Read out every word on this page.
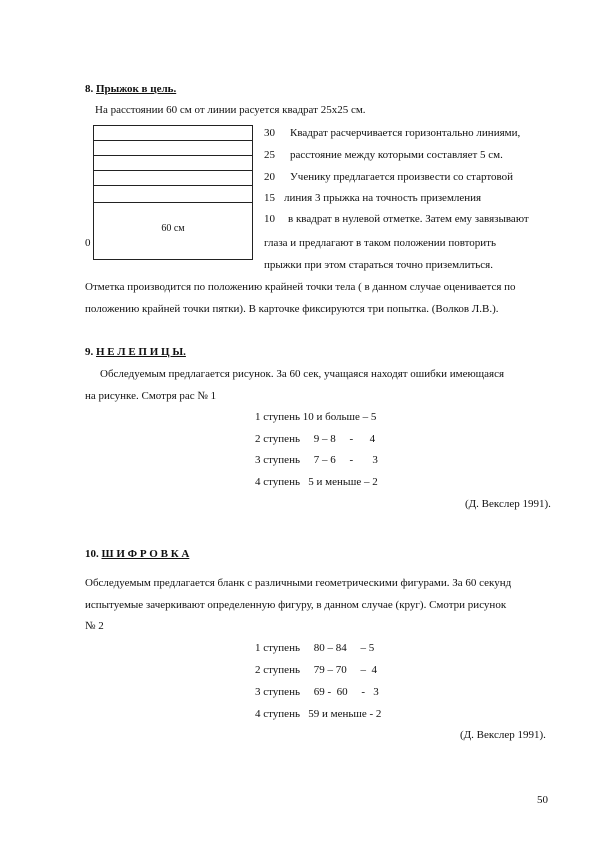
8. Прыжок в цель.
На расстоянии 60 см от линии расуется квадрат 25х25 см.
60 см
0
30
25
20
15
10
Квадрат расчерчивается горизонтально линиями,
расстояние между которыми составляет 5 см.
Ученику предлагается произвести со стартовой
линия 3 прыжка на точность приземления
в квадрат в нулевой отметке. Затем ему завязывают
глаза и предлагают в таком положении повторить
прыжки при этом стараться точно приземлиться.
Отметка производится по положению крайней точки тела ( в данном случае оценивается по
положению крайней точки пятки). В карточке фиксируются три попытка. (Волков Л.В.).
9. Н Е Л Е П И Ц Ы.
Обследуемым предлагается рисунок. За 60 сек, учащаяся находят ошибки имеющаяся
на рисунке. Смотря рас № 1
1 ступень 10 и больше – 5
2 ступень     9 – 8     -      4
3 ступень     7 – 6     -       3
4 ступень   5 и меньше – 2
(Д. Векслер 1991).
10. Ш И Ф Р О В К А
Обследуемым предлагается бланк с различными геометрическими фигурами. За 60 секунд
испытуемые зачеркивают определенную фигуру, в данном случае (круг). Смотри рисунок
№ 2
1 ступень     80 – 84     – 5
2 ступень     79 – 70     –  4
3 ступень     69 -  60     -   3
4 ступень   59 и меньше - 2
(Д. Векслер 1991).
50
